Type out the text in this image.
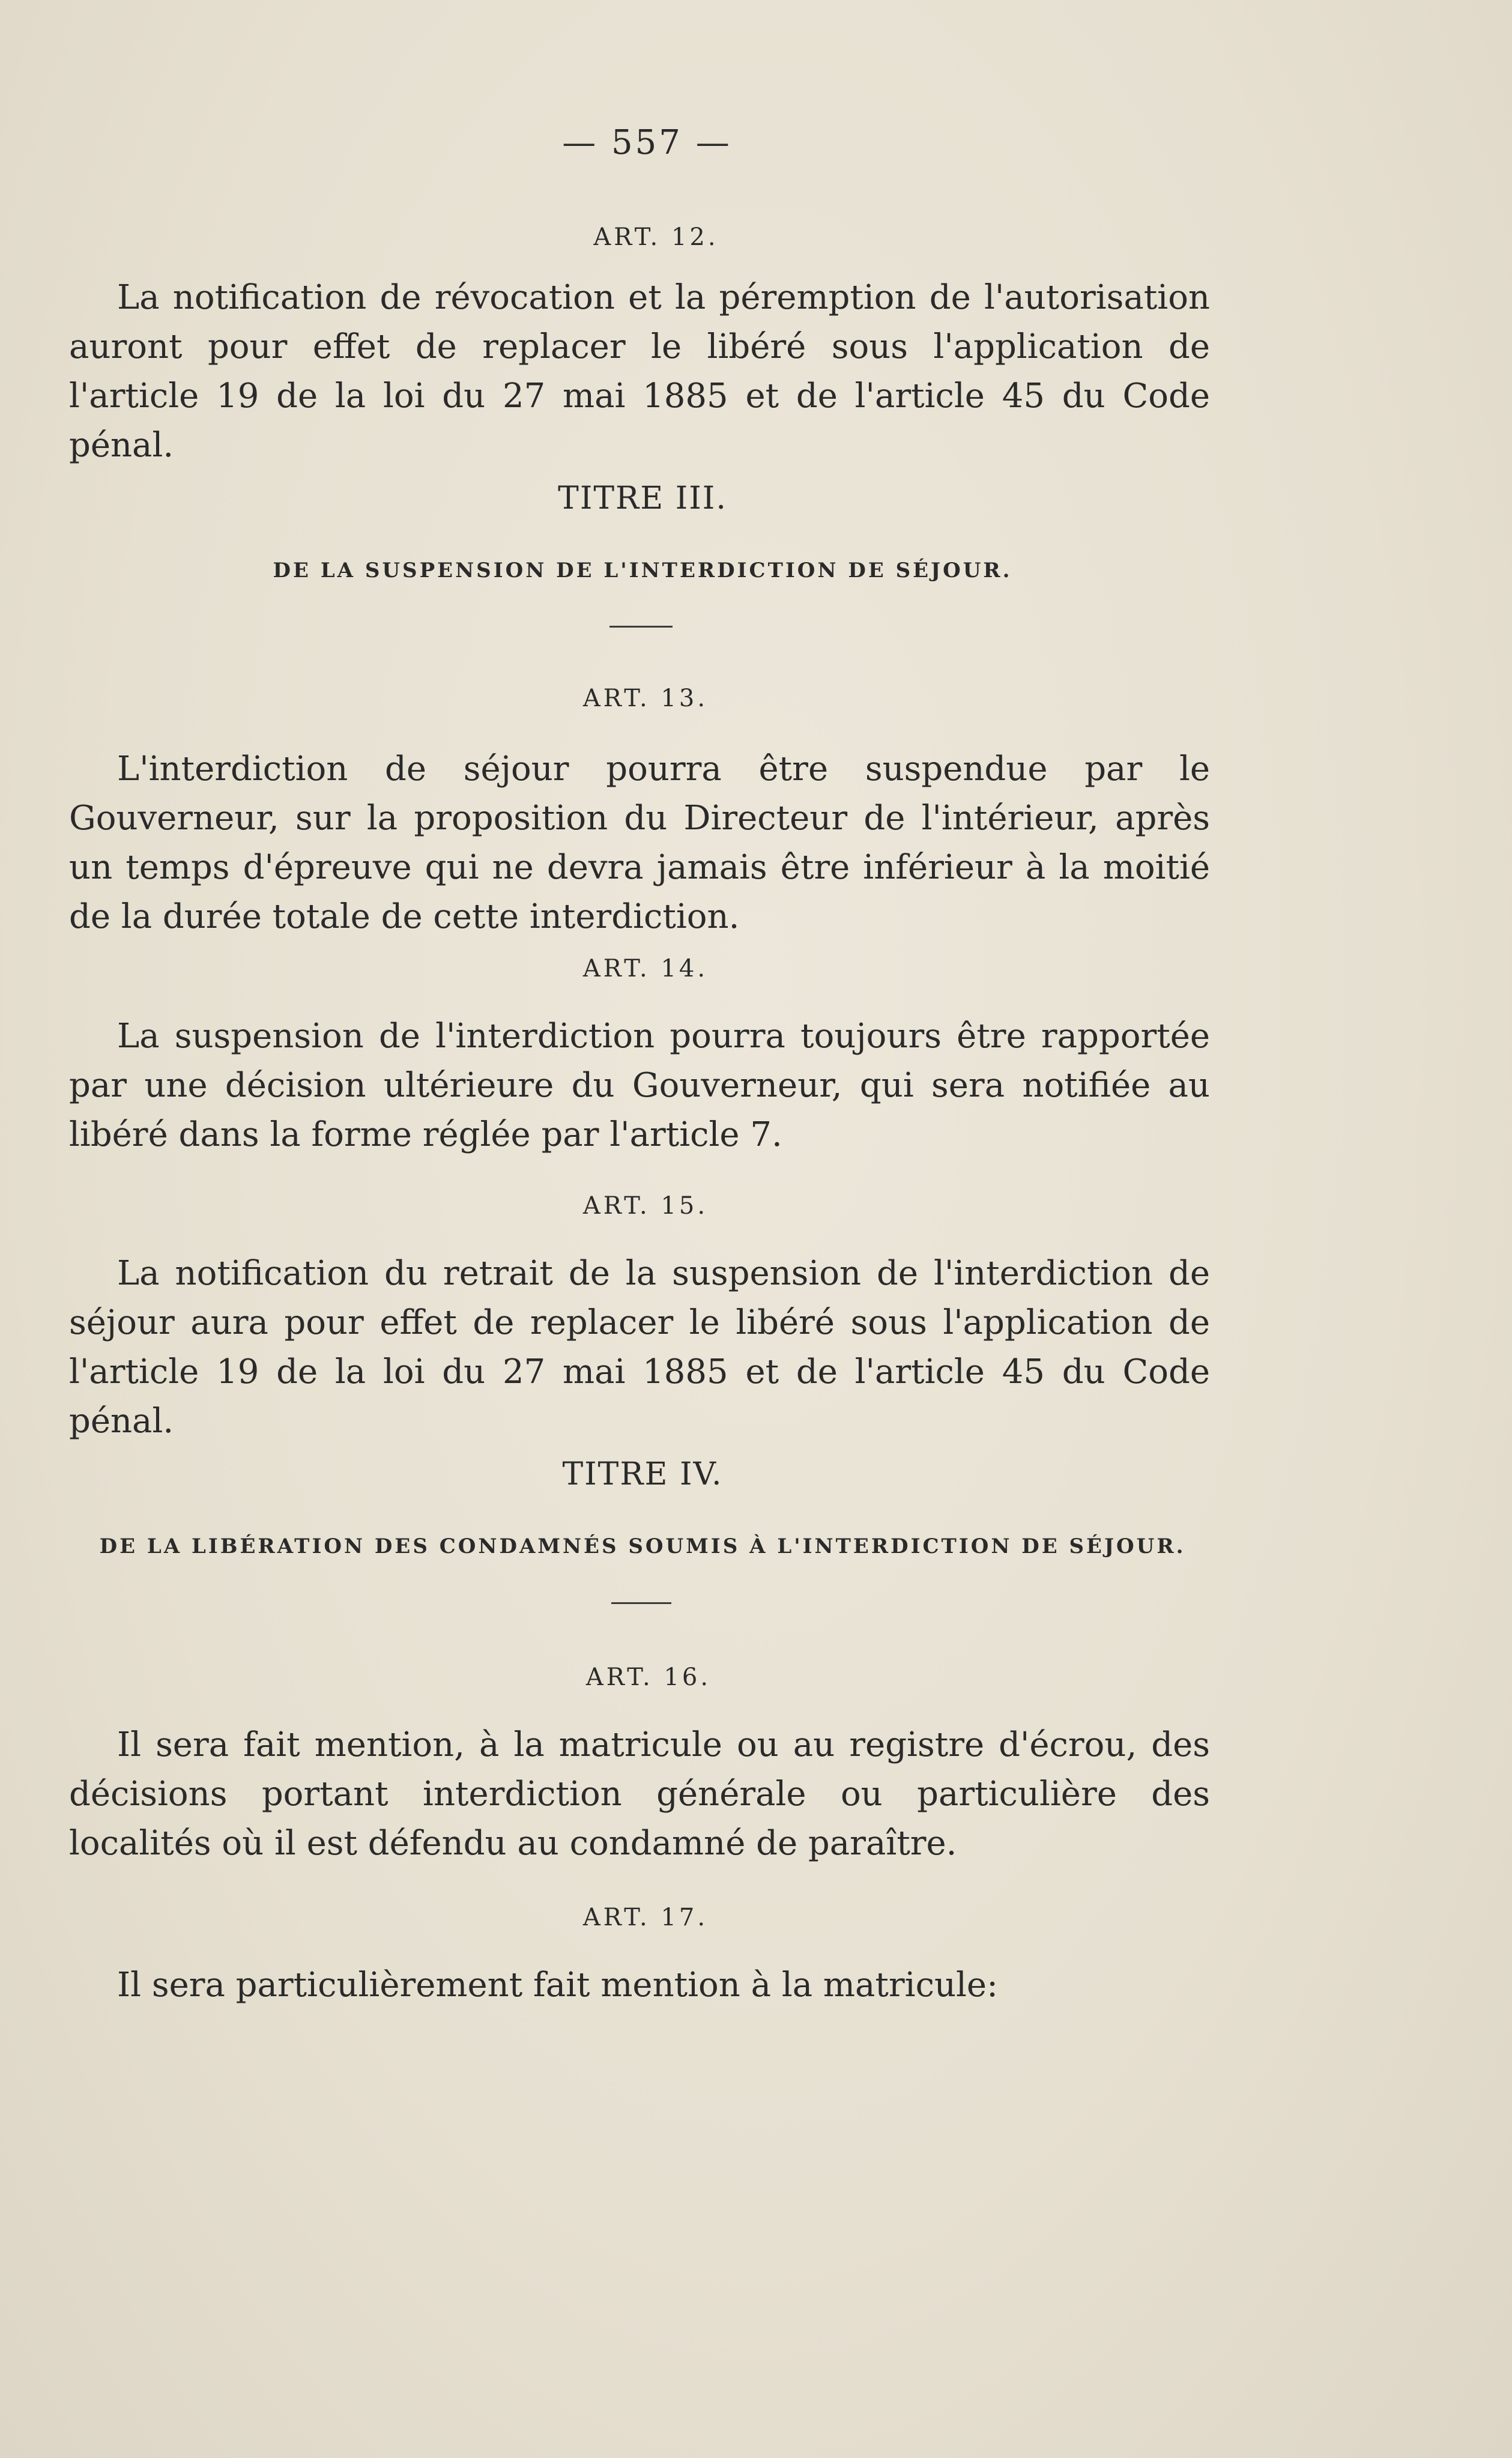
— 557 —
ART. 12.

La notification de révocation et la péremption de l'autorisation auront pour effet de replacer le libéré sous l'application de l'article 19 de la loi du 27 mai 1885 et de l'article 45 du Code pénal.

TITRE III.
DE LA SUSPENSION DE L'INTERDICTION DE SÉJOUR.
ART. 13.

L'interdiction de séjour pourra être suspendue par le Gouverneur, sur la proposition du Directeur de l'intérieur, après un temps d'épreuve qui ne devra jamais être inférieur à la moitié de la durée totale de cette interdiction.

ART. 14.

La suspension de l'interdiction pourra toujours être rapportée par une décision ultérieure du Gouverneur, qui sera notifiée au libéré dans la forme réglée par l'article 7.

ART. 15.

La notification du retrait de la suspension de l'interdiction de séjour aura pour effet de replacer le libéré sous l'application de l'article 19 de la loi du 27 mai 1885 et de l'article 45 du Code pénal.

TITRE IV.
DE LA LIBÉRATION DES CONDAMNÉS SOUMIS À L'INTERDICTION DE SÉJOUR.
ART. 16.

Il sera fait mention, à la matricule ou au registre d'écrou, des décisions portant interdiction générale ou particulière des localités où il est défendu au condamné de paraître.

ART. 17.

Il sera particulièrement fait mention à la matricule:
